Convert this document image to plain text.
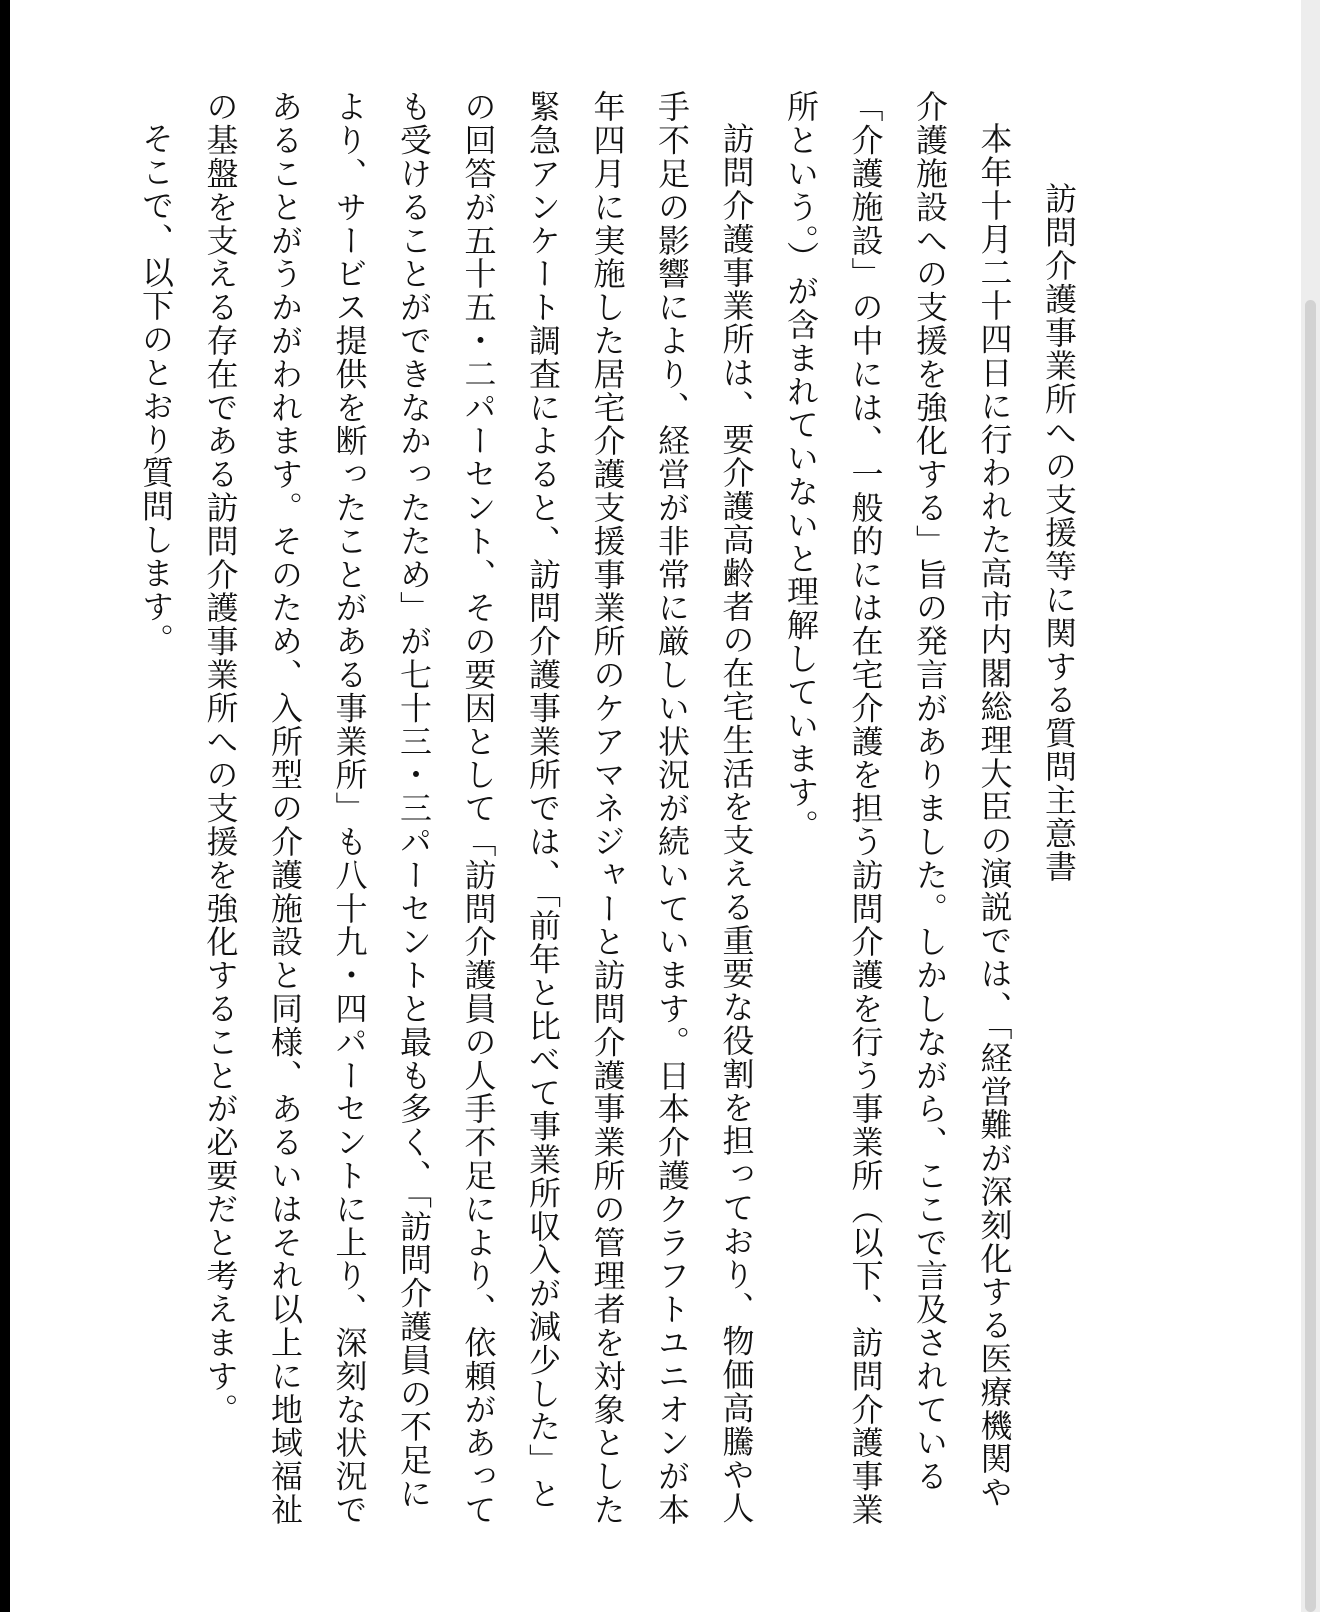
訪問介護事業所への支援等に関する質問主意書

本年十月二十四日に行われた高市内閣総理大臣の演説では、「経営難が深刻化する医療機関や介護施設への支援を強化する」旨の発言がありました。しかしながら、ここで言及されている「介護施設」の中には、一般的には在宅介護を担う訪問介護を行う事業所（以下、訪問介護事業所という。）が含まれていないと理解しています。

訪問介護事業所は、要介護高齢者の在宅生活を支える重要な役割を担っており、物価高騰や人手不足の影響により、経営が非常に厳しい状況が続いています。日本介護クラフトユニオンが本年四月に実施した居宅介護支援事業所のケアマネジャーと訪問介護事業所の管理者を対象とした緊急アンケート調査によると、訪問介護事業所では、「前年と比べて事業所収入が減少した」との回答が五十五・二パーセント、その要因として「訪問介護員の人手不足により、依頼があっても受けることができなかったため」が七十三・三パーセントと最も多く、「訪問介護員の不足により、サービス提供を断ったことがある事業所」も八十九・四パーセントに上り、深刻な状況であることがうかがわれます。そのため、入所型の介護施設と同様、あるいはそれ以上に地域福祉の基盤を支える存在である訪問介護事業所への支援を強化することが必要だと考えます。

そこで、以下のとおり質問します。
